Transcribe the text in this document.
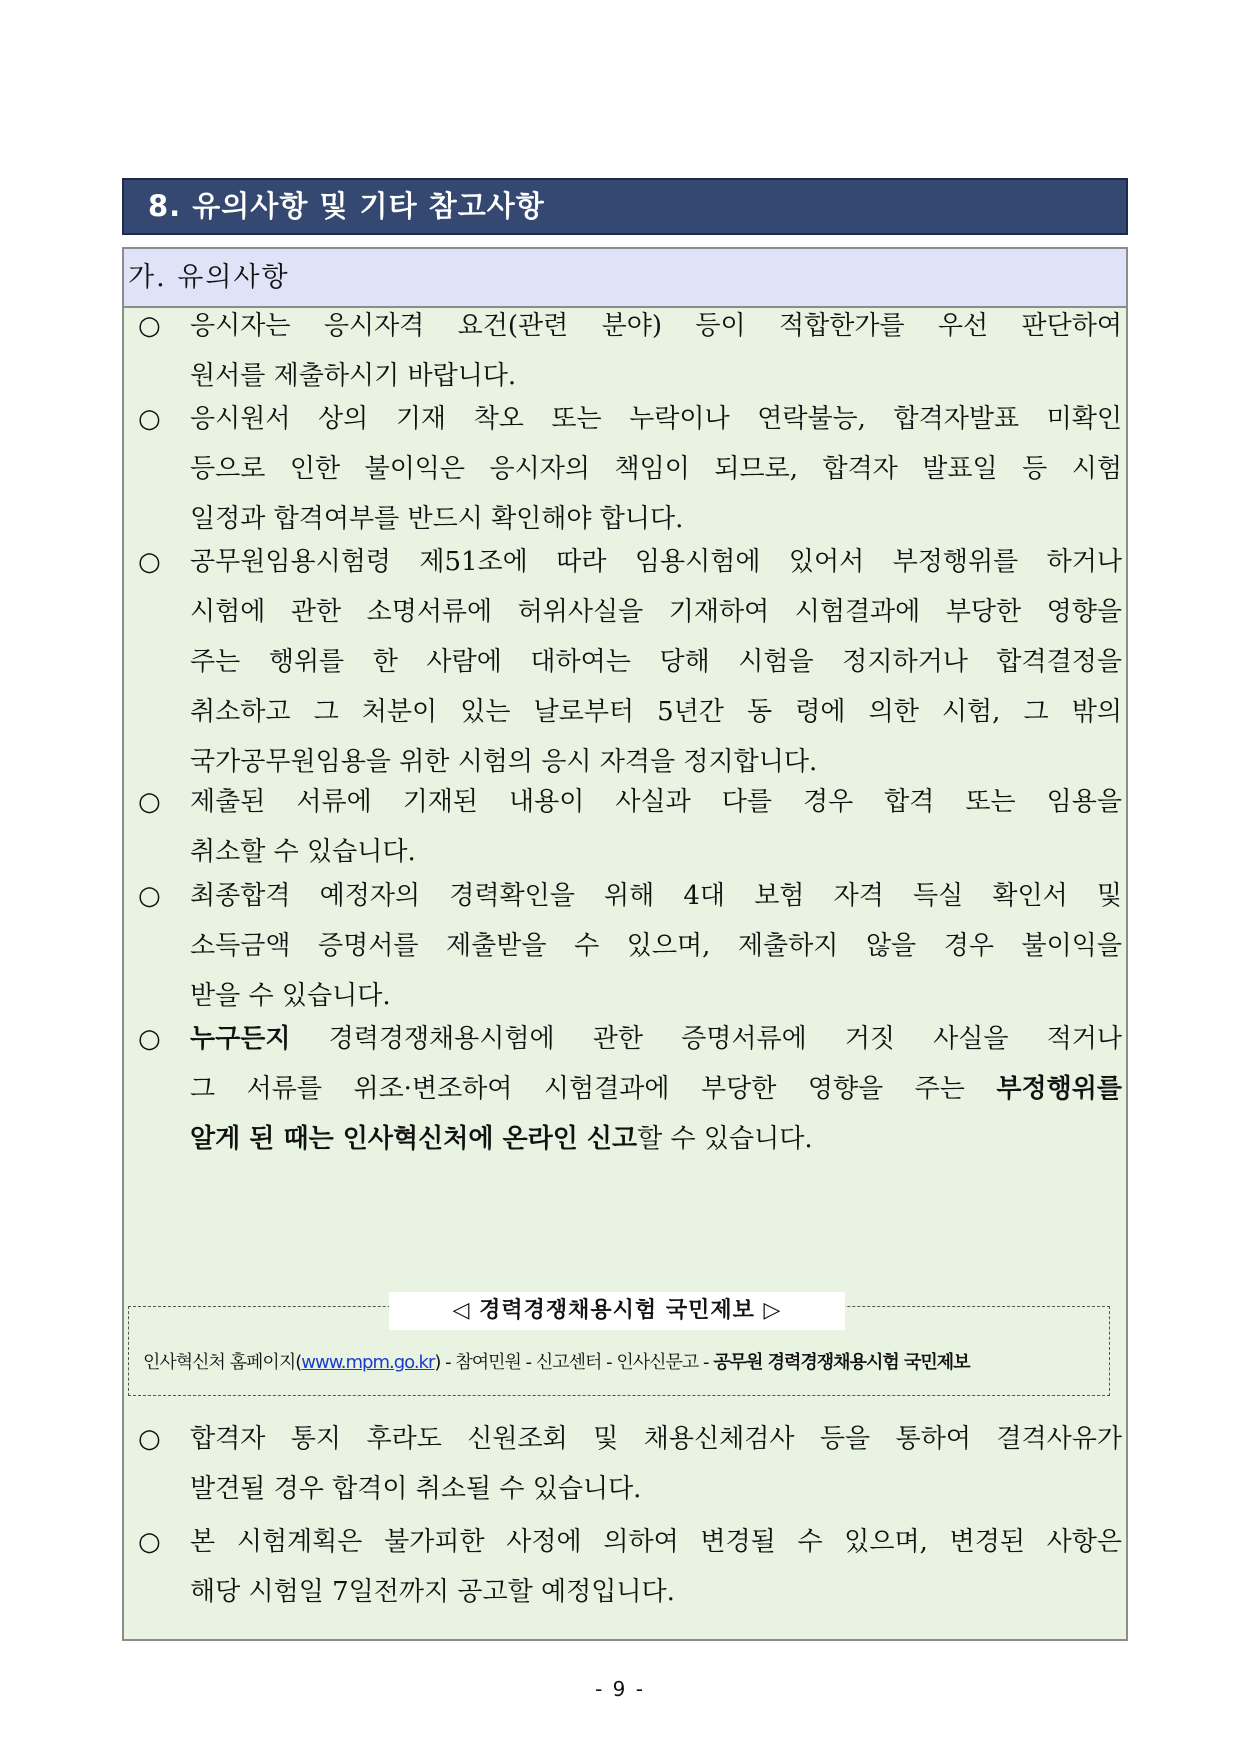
8. 유의사항 및 기타 참고사항
가. 유의사항
○	응시자는 응시자격 요건(관련 분야) 등이 적합한가를 우선 판단하여
원서를 제출하시기 바랍니다.
○	응시원서 상의 기재 착오 또는 누락이나 연락불능, 합격자발표 미확인
등으로 인한 불이익은 응시자의 책임이 되므로, 합격자 발표일 등 시험
일정과 합격여부를 반드시 확인해야 합니다.
○	공무원임용시험령 제51조에 따라 임용시험에 있어서 부정행위를 하거나
시험에 관한 소명서류에 허위사실을 기재하여 시험결과에 부당한 영향을
주는 행위를 한 사람에 대하여는 당해 시험을 정지하거나 합격결정을
취소하고 그 처분이 있는 날로부터 5년간 동 령에 의한 시험, 그 밖의
국가공무원임용을 위한 시험의 응시 자격을 정지합니다.
○	제출된 서류에 기재된 내용이 사실과 다를 경우 합격 또는 임용을
취소할 수 있습니다.
○	최종합격 예정자의 경력확인을 위해 4대 보험 자격 득실 확인서 및
소득금액 증명서를 제출받을 수 있으며, 제출하지 않을 경우 불이익을
받을 수 있습니다.
○	누구든지 경력경쟁채용시험에 관한 증명서류에 거짓 사실을 적거나
그 서류를 위조·변조하여 시험결과에 부당한 영향을 주는 부정행위를
알게 된 때는 인사혁신처에 온라인 신고할 수 있습니다.
◁ 경력경쟁채용시험 국민제보 ▷
인사혁신처 홈페이지(www.mpm.go.kr) - 참여민원 - 신고센터 - 인사신문고 - 공무원 경력경쟁채용시험 국민제보
○	합격자 통지 후라도 신원조회 및 채용신체검사 등을 통하여 결격사유가
발견될 경우 합격이 취소될 수 있습니다.
○	본 시험계획은 불가피한 사정에 의하여 변경될 수 있으며, 변경된 사항은
해당 시험일 7일전까지 공고할 예정입니다.
- 9 -
